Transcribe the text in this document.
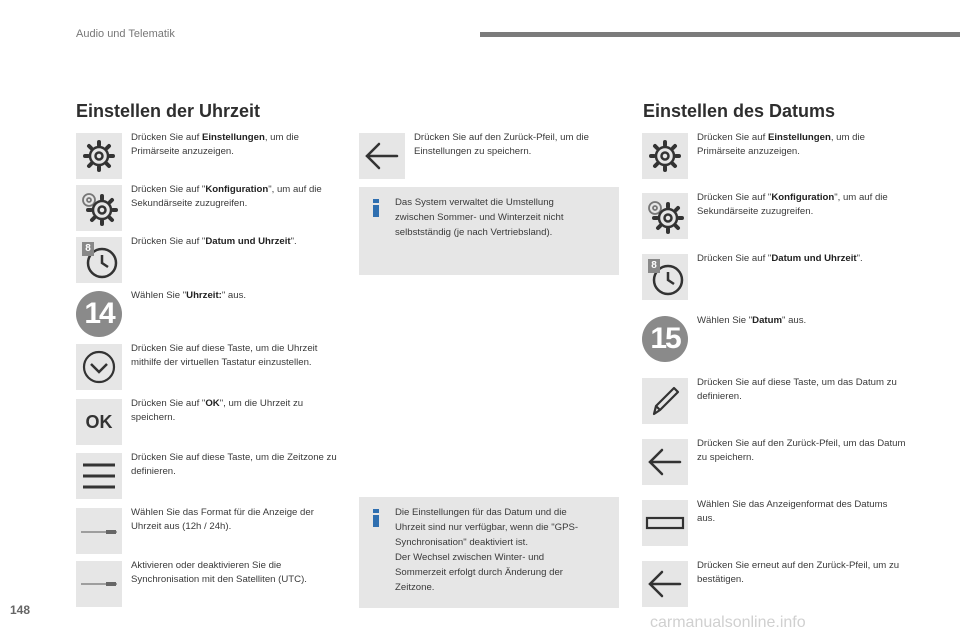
Audio und Telematik
Einstellen der Uhrzeit
Drücken Sie auf Einstellungen, um die Primärseite anzuzeigen.
Drücken Sie auf "Konfiguration", um auf die Sekundärseite zuzugreifen.
8
Drücken Sie auf "Datum und Uhrzeit".
14
Wählen Sie "Uhrzeit:" aus.
Drücken Sie auf diese Taste, um die Uhrzeit mithilfe der virtuellen Tastatur einzustellen.
OK
Drücken Sie auf "OK", um die Uhrzeit zu speichern.
Drücken Sie auf diese Taste, um die Zeitzone zu definieren.
Wählen Sie das Format für die Anzeige der Uhrzeit aus (12h / 24h).
Aktivieren oder deaktivieren Sie die Synchronisation mit den Satelliten (UTC).
Drücken Sie auf den Zurück-Pfeil, um die Einstellungen zu speichern.
Das System verwaltet die Umstellung
zwischen Sommer- und Winterzeit nicht
selbstständig (je nach Vertriebsland).
Die Einstellungen für das Datum und die
Uhrzeit sind nur verfügbar, wenn die "GPS-
Synchronisation" deaktiviert ist.
Der Wechsel zwischen Winter- und
Sommerzeit erfolgt durch Änderung der
Zeitzone.
Einstellen des Datums
Drücken Sie auf Einstellungen, um die Primärseite anzuzeigen.
Drücken Sie auf "Konfiguration", um auf die Sekundärseite zuzugreifen.
8
Drücken Sie auf "Datum und Uhrzeit".
15
Wählen Sie "Datum" aus.
Drücken Sie auf diese Taste, um das Datum zu definieren.
Drücken Sie auf den Zurück-Pfeil, um das Datum zu speichern.
Wählen Sie das Anzeigenformat des Datums aus.
Drücken Sie erneut auf den Zurück-Pfeil, um zu bestätigen.
148
carmanualsonline.info
